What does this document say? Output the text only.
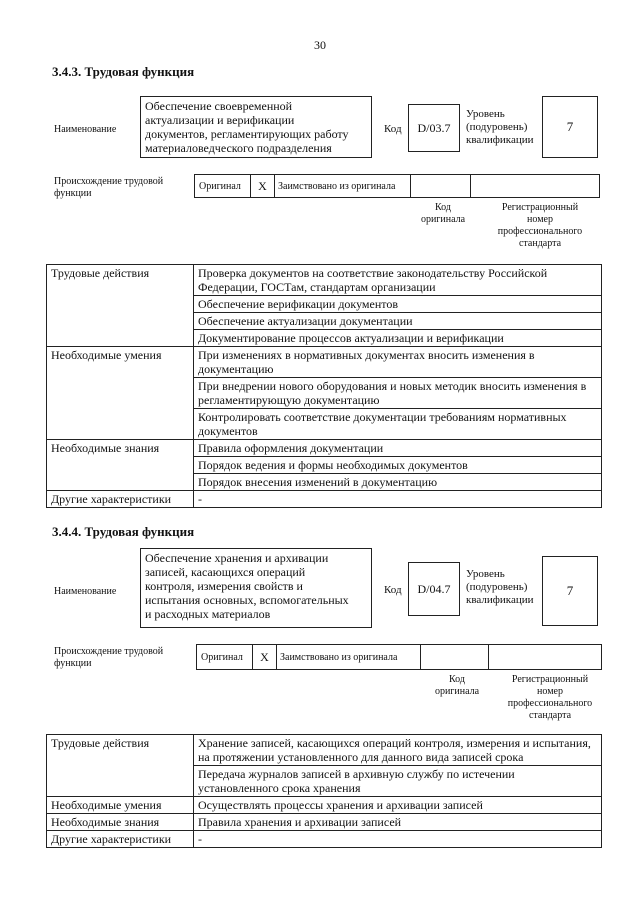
30
3.4.3. Трудовая функция
Наименование
Обеспечение своевременной
актуализации и верификации
документов, регламентирующих работу
материаловедческого подразделения
Код	D/03.7
Уровень
(подуровень)
квалификации
7
Происхождение трудовой
функции
Оригинал	X	Заимствовано из оригинала
Код
оригинала
Регистрационный
номер
профессионального
стандарта
Трудовые действия	Проверка документов на соответствие законодательству Российской Федерации, ГОСТам, стандартам организации
	Обеспечение верификации документов
	Обеспечение актуализации документации
	Документирование процессов актуализации и верификации
Необходимые умения	При изменениях в нормативных документах вносить изменения в документацию
	При внедрении нового оборудования и новых методик вносить изменения в регламентирующую документацию
	Контролировать соответствие документации требованиям нормативных документов
Необходимые знания	Правила оформления документации
	Порядок ведения и формы необходимых документов
	Порядок внесения изменений в документацию
Другие характеристики	-
3.4.4. Трудовая функция
Наименование
Обеспечение хранения и архивации
записей, касающихся операций
контроля, измерения свойств и
испытания основных, вспомогательных
и расходных материалов
Код	D/04.7
Уровень
(подуровень)
квалификации
7
Происхождение трудовой
функции
Оригинал	X	Заимствовано из оригинала
Код
оригинала
Регистрационный
номер
профессионального
стандарта
Трудовые действия	Хранение записей, касающихся операций контроля, измерения и испытания, на протяжении установленного для данного вида записей срока
	Передача журналов записей в архивную службу по истечении установленного срока хранения
Необходимые умения	Осуществлять процессы хранения и архивации записей
Необходимые знания	Правила хранения и архивации записей
Другие характеристики	-
